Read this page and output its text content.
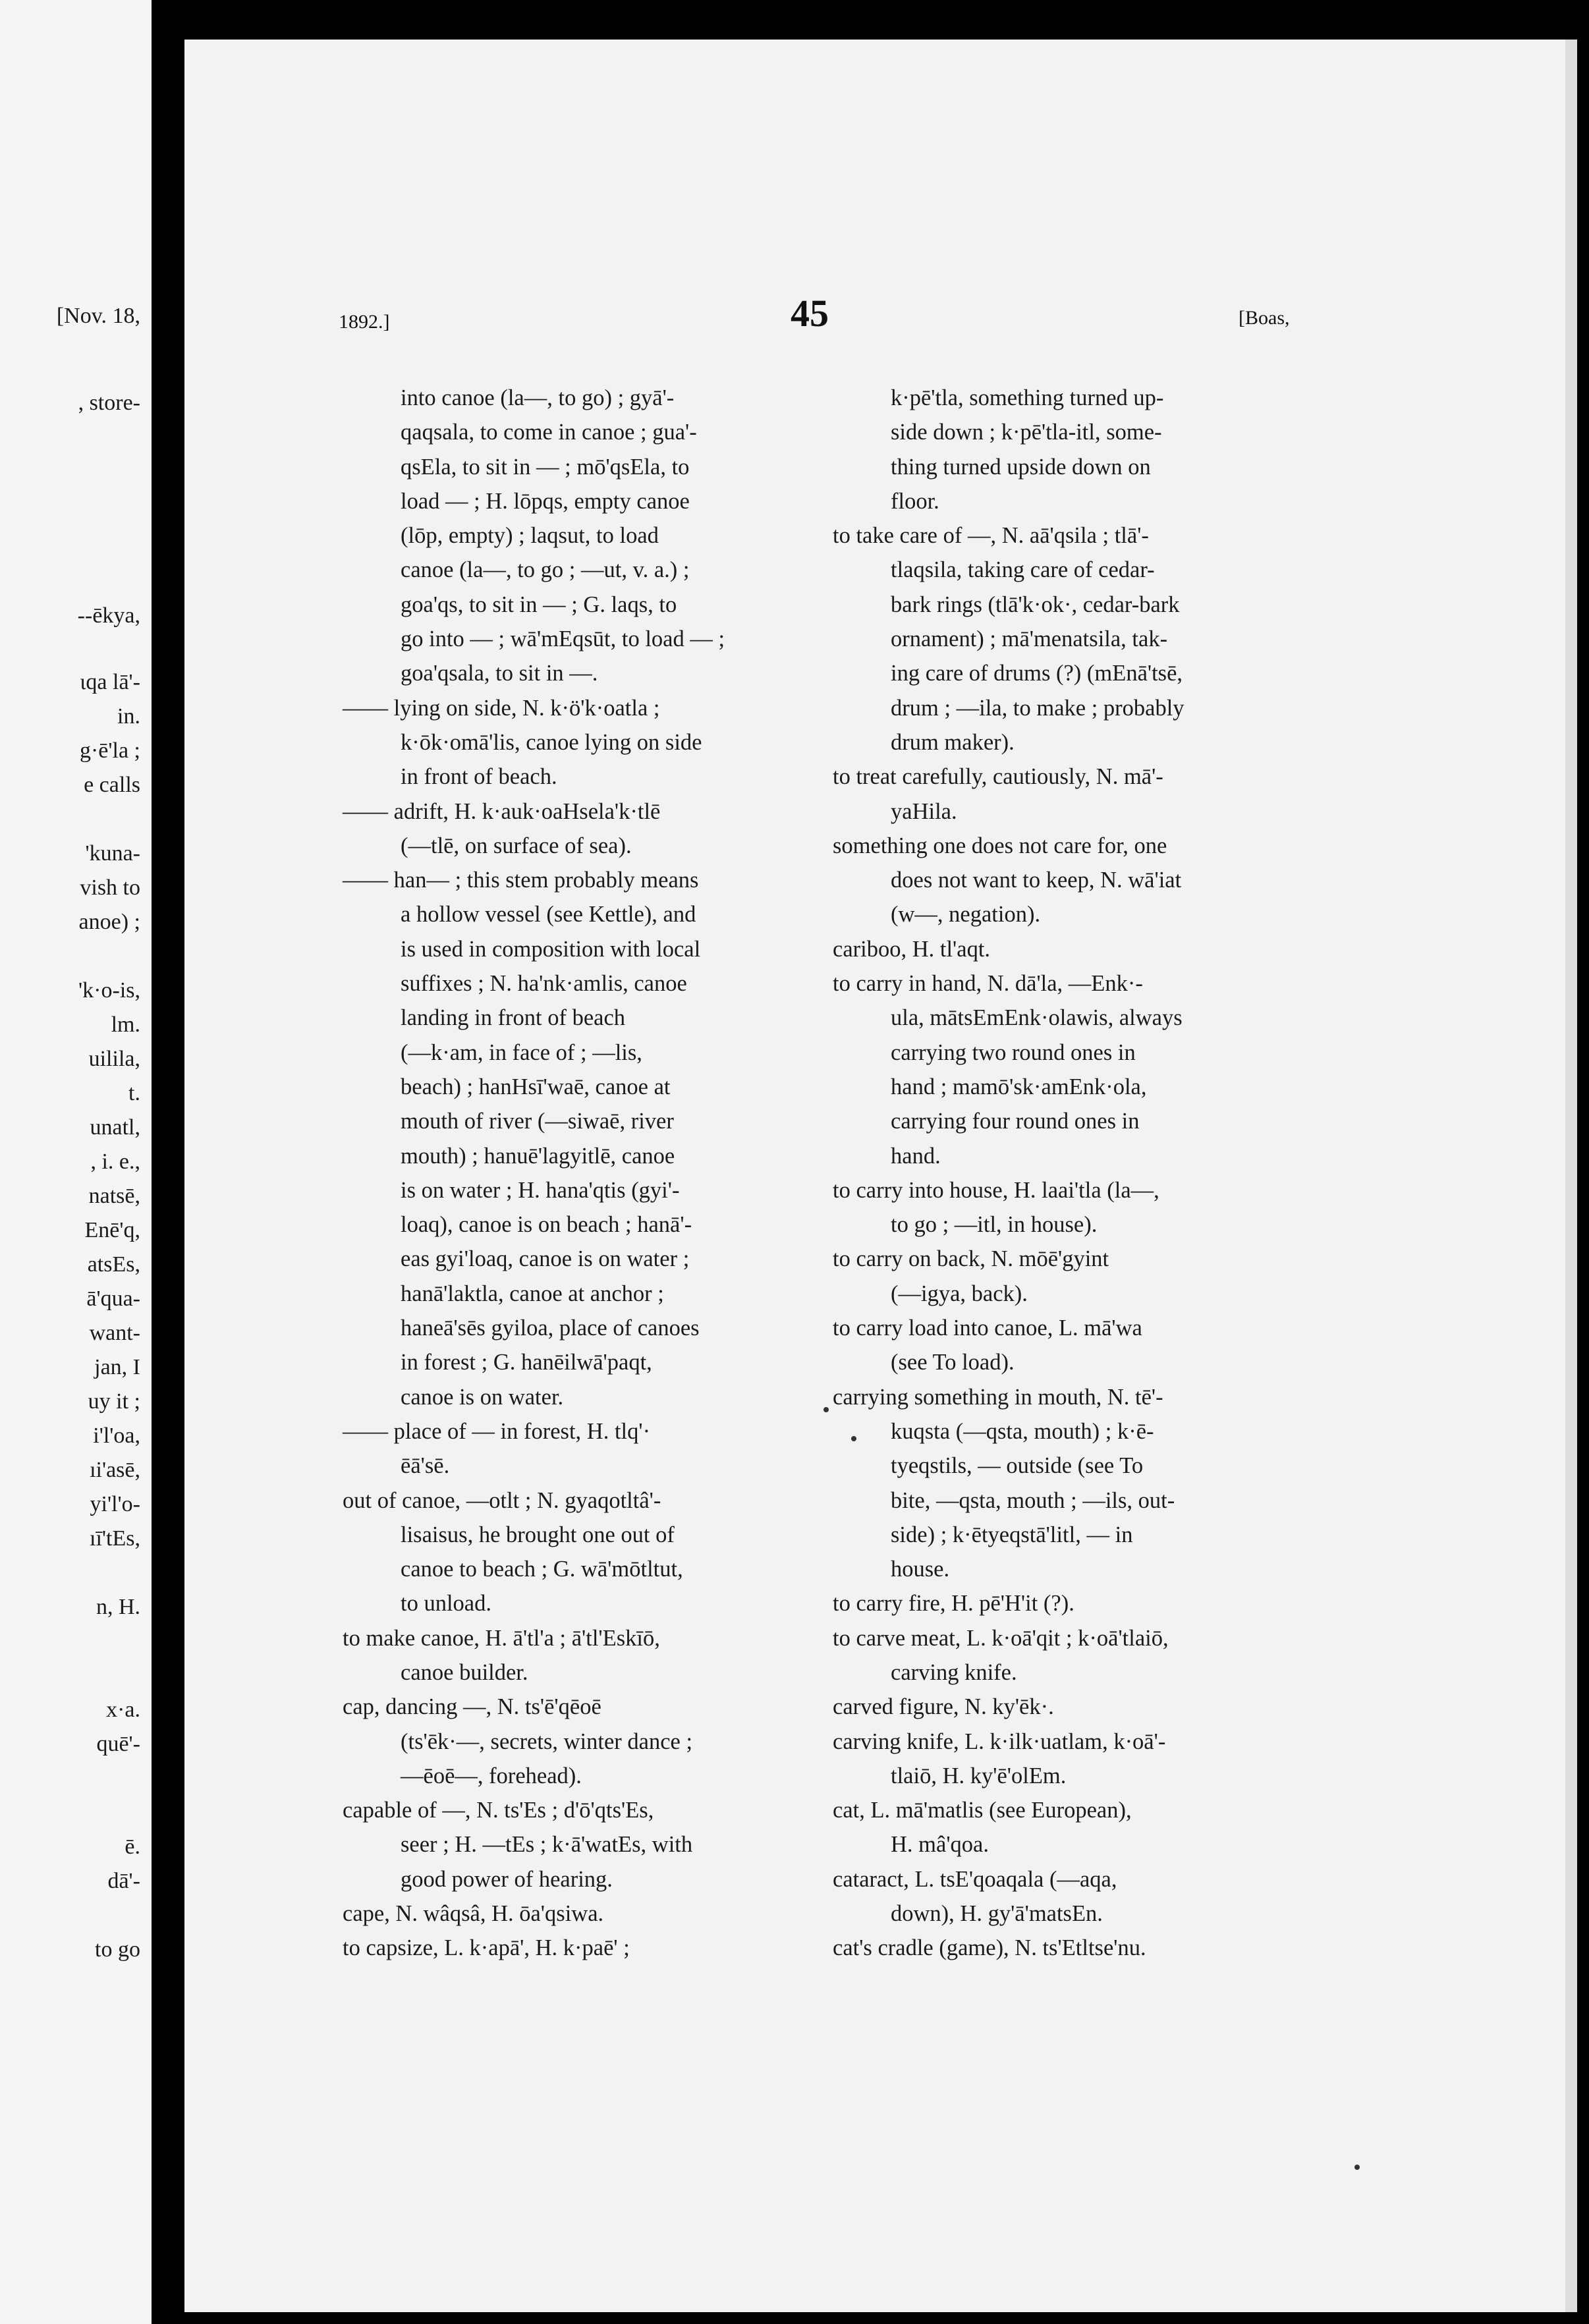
[Nov. 18,
, store-
--ēkya,
ιqa lā'-
in.
g·ē'la ;
e calls
'kuna-
vish to
anoe) ;
'k·o-is,
lm.
uilila,
t.
unatl,
, i. e.,
natsē,
Enē'q,
atsEs,
ā'qua-
want-
jan, I
uy it ;
i'l'oa,
ıi'asē,
yi'l'o-
ıī'tEs,
n, H.
x·a.
quē'-
ē.
dā'-
to go
1892.]	45	[Boas,
into canoe (la—, to go) ; gyā'-
qaqsala, to come in canoe ; gua'-
qsEla, to sit in — ; mō'qsEla, to
load — ; H. lōpqs, empty canoe
(lōp, empty) ; laqsut, to load
canoe (la—, to go ; —ut, v. a.) ;
goa'qs, to sit in — ; G. laqs, to
go into — ; wā'mEqsūt, to load — ;
goa'qsala, to sit in —.
—— lying on side, N. k·ö'k·oatla ;
k·ōk·omā'lis, canoe lying on side
in front of beach.
—— adrift, H. k·auk·oaHsela'k·tlē
(—tlē, on surface of sea).
—— han— ; this stem probably means
a hollow vessel (see Kettle), and
is used in composition with local
suffixes ; N. ha'nk·amlis, canoe
landing in front of beach
(—k·am, in face of ; —lis,
beach) ; hanHsī'waē, canoe at
mouth of river (—siwaē, river
mouth) ; hanuē'lagyitlē, canoe
is on water ; H. hana'qtis (gyi'-
loaq), canoe is on beach ; hanā'-
eas gyi'loaq, canoe is on water ;
hanā'laktla, canoe at anchor ;
haneā'sēs gyiloa, place of canoes
in forest ; G. hanēilwā'paqt,
canoe is on water.
—— place of — in forest, H. tlq'·
ēā'sē.
out of canoe, —otlt ; N. gyaqotltâ'-
lisaisus, he brought one out of
canoe to beach ; G. wā'mōtltut,
to unload.
to make canoe, H. ā'tl'a ; ā'tl'Eskīō,
canoe builder.
cap, dancing —, N. ts'ē'qēoē
(ts'ēk·—, secrets, winter dance ;
—ēoē—, forehead).
capable of —, N. ts'Es ; d'ō'qts'Es,
seer ; H. —tEs ; k·ā'watEs, with
good power of hearing.
cape, N. wâqsâ, H. ōa'qsiwa.
to capsize, L. k·apā', H. k·paē' ;
k·pē'tla, something turned up-
side down ; k·pē'tla-itl, some-
thing turned upside down on
floor.
to take care of —, N. aā'qsila ; tlā'-
tlaqsila, taking care of cedar-
bark rings (tlā'k·ok·, cedar-bark
ornament) ; mā'menatsila, tak-
ing care of drums (?) (mEnā'tsē,
drum ; —ila, to make ; probably
drum maker).
to treat carefully, cautiously, N. mā'-
yaHila.
something one does not care for, one
does not want to keep, N. wā'iat
(w—, negation).
cariboo, H. tl'aqt.
to carry in hand, N. dā'la, —Enk·-
ula, mātsEmEnk·olawis, always
carrying two round ones in
hand ; mamō'sk·amEnk·ola,
carrying four round ones in
hand.
to carry into house, H. laai'tla (la—,
to go ; —itl, in house).
to carry on back, N. mōē'gyint
(—igya, back).
to carry load into canoe, L. mā'wa
(see To load).
carrying something in mouth, N. tē'-
kuqsta (—qsta, mouth) ; k·ē-
tyeqstils, — outside (see To
bite, —qsta, mouth ; —ils, out-
side) ; k·ētyeqstā'litl, — in
house.
to carry fire, H. pē'H'it (?).
to carve meat, L. k·oā'qit ; k·oā'tlaiō,
carving knife.
carved figure, N. ky'ēk·.
carving knife, L. k·ilk·uatlam, k·oā'-
tlaiō, H. ky'ē'olEm.
cat, L. mā'matlis (see European),
H. mâ'qoa.
cataract, L. tsE'qoaqala (—aqa,
down), H. gy'ā'matsEn.
cat's cradle (game), N. ts'Etltse'nu.
